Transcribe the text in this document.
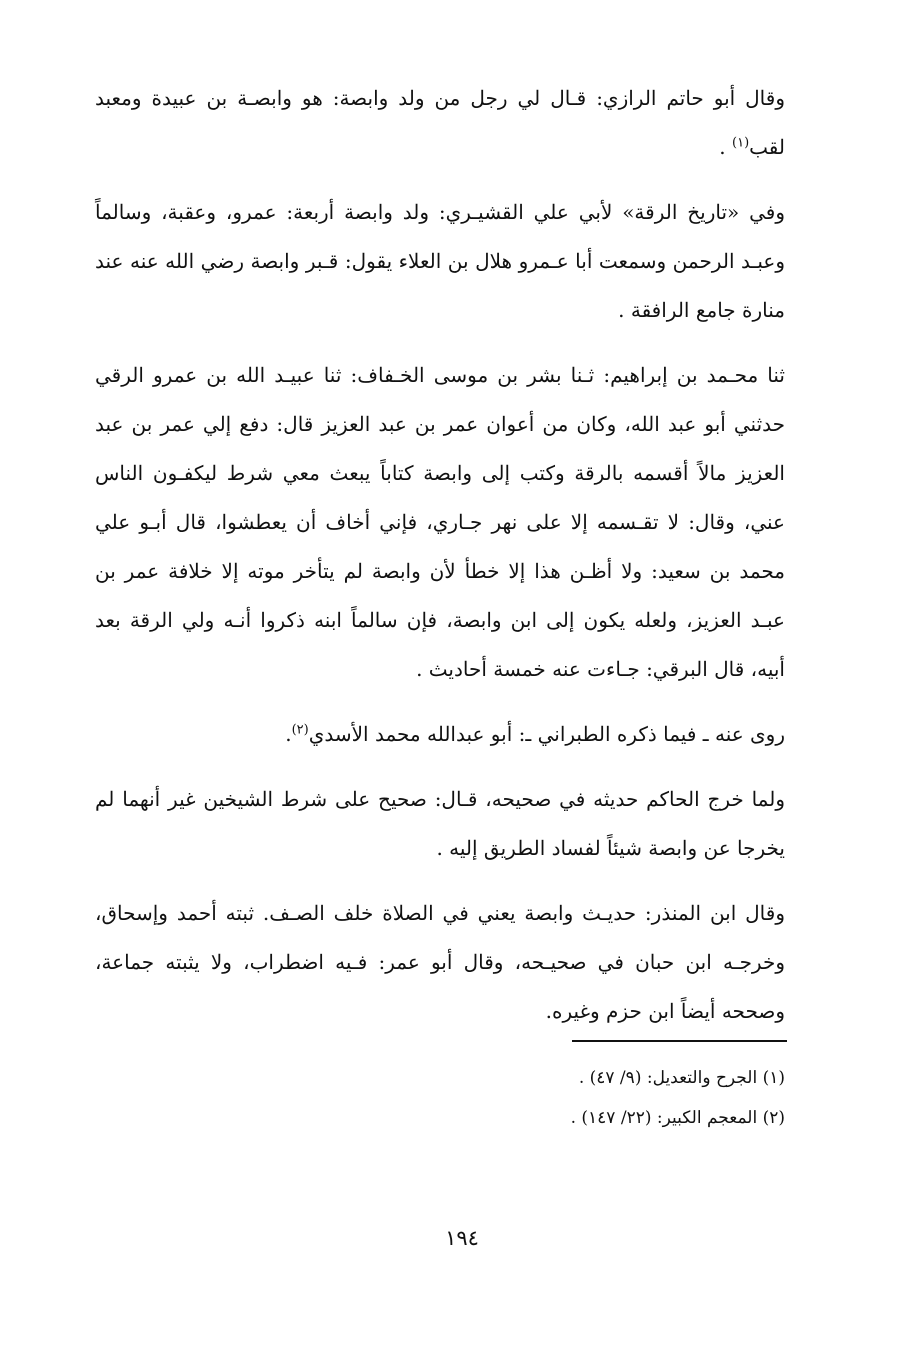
وقال أبو حاتم الرازي: قـال لي رجل من ولد وابصة: هو وابصـة بن عبيدة ومعبد لقب$^{(١)}$ .

وفي «تاريخ الرقة» لأبي علي القشيـري: ولد وابصة أربعة: عمرو، وعقبة، وسالماً وعبـد الرحمن وسمعت أبا عـمرو هلال بن العلاء يقول: قـبر وابصة رضي الله عنه عند منارة جامع الرافقة .

ثنا محـمد بن إبراهيم: ثـنا بشر بن موسى الخـفاف: ثنا عبيـد الله بن عمرو الرقي حدثني أبو عبد الله، وكان من أعوان عمر بن عبد العزيز قال: دفع إلي عمر بن عبد العزيز مالاً أقسمه بالرقة وكتب إلى وابصة كتاباً يبعث معي شرط ليكفـون الناس عني، وقال: لا تقـسمه إلا على نهر جـاري، فإني أخاف أن يعطشوا، قال أبـو علي محمد بن سعيد: ولا أظـن هذا إلا خطأ لأن وابصة لم يتأخر موته إلا خلافة عمر بن عبـد العزيز، ولعله يكون إلى ابن وابصة، فإن سالماً ابنه ذكروا أنـه ولي الرقة بعد أبيه، قال البرقي: جـاءت عنه خمسة أحاديث .

روى عنه ـ فيما ذكره الطبراني ـ: أبو عبدالله محمد الأسدي$^{(٢)}$.

ولما خرج الحاكم حديثه في صحيحه، قـال: صحيح على شرط الشيخين غير أنهما لم يخرجا عن وابصة شيئاً لفساد الطريق إليه .

وقال ابن المنذر: حديـث وابصة يعني في الصلاة خلف الصـف. ثبته أحمد وإسحاق، وخرجـه ابن حبان في صحيـحه، وقال أبو عمر: فـيه اضطراب، ولا يثبته جماعة، وصححه أيضاً ابن حزم وغيره.

(١) الجرح والتعديل: (٩/ ٤٧) .
(٢) المعجم الكبير: (٢٢/ ١٤٧) .
١٩٤
